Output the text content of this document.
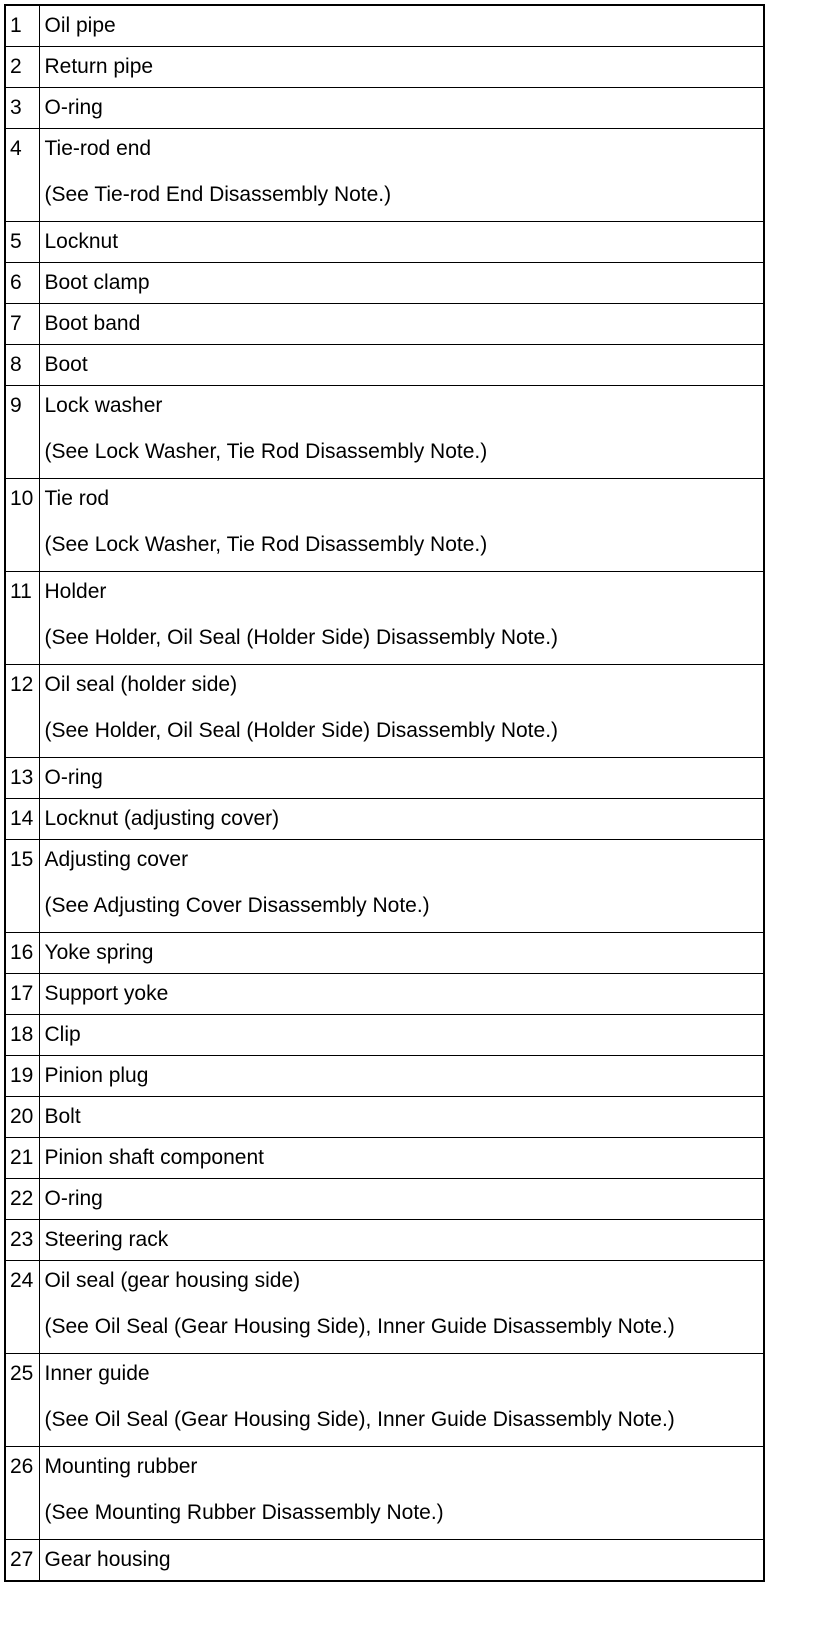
1	Oil pipe

2	Return pipe

3	O-ring

4	Tie-rod end
(See Tie-rod End Disassembly Note.)

5	Locknut

6	Boot clamp

7	Boot band

8	Boot

9	Lock washer
(See Lock Washer, Tie Rod Disassembly Note.)

10	Tie rod
(See Lock Washer, Tie Rod Disassembly Note.)

11	Holder
(See Holder, Oil Seal (Holder Side) Disassembly Note.)

12	Oil seal (holder side)
(See Holder, Oil Seal (Holder Side) Disassembly Note.)

13	O-ring

14	Locknut (adjusting cover)

15	Adjusting cover
(See Adjusting Cover Disassembly Note.)

16	Yoke spring

17	Support yoke

18	Clip

19	Pinion plug

20	Bolt

21	Pinion shaft component

22	O-ring

23	Steering rack

24	Oil seal (gear housing side)
(See Oil Seal (Gear Housing Side), Inner Guide Disassembly Note.)

25	Inner guide
(See Oil Seal (Gear Housing Side), Inner Guide Disassembly Note.)

26	Mounting rubber
(See Mounting Rubber Disassembly Note.)

27	Gear housing
